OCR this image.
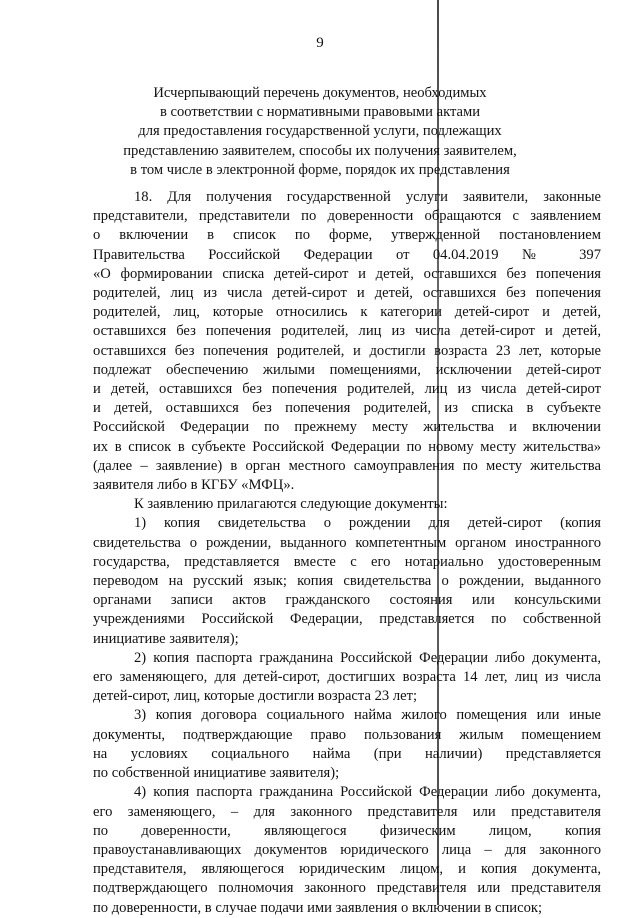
9
Исчерпывающий перечень документов, необходимых
в соответствии с нормативными правовыми актами
для предоставления государственной услуги, подлежащих
представлению заявителем, способы их получения заявителем,
в том числе в электронной форме, порядок их представления

18. Для получения государственной услуги заявители, законные
представители, представители по доверенности обращаются с заявлением
о включении в список по форме, утвержденной постановлением
Правительства Российской Федерации от 04.04.2019 № 397
«О формировании списка детей-сирот и детей, оставшихся без попечения
родителей, лиц из числа детей-сирот и детей, оставшихся без попечения
родителей, лиц, которые относились к категории детей-сирот и детей,
оставшихся без попечения родителей, лиц из числа детей-сирот и детей,
оставшихся без попечения родителей, и достигли возраста 23 лет, которые
подлежат обеспечению жилыми помещениями, исключении детей-сирот
и детей, оставшихся без попечения родителей, лиц из числа детей-сирот
и детей, оставшихся без попечения родителей, из списка в субъекте
Российской Федерации по прежнему месту жительства и включении
их в список в субъекте Российской Федерации по новому месту жительства»
(далее – заявление) в орган местного самоуправления по месту жительства
заявителя либо в КГБУ «МФЦ».

К заявлению прилагаются следующие документы:

1) копия свидетельства о рождении для детей-сирот (копия
свидетельства о рождении, выданного компетентным органом иностранного
государства, представляется вместе с его нотариально удостоверенным
переводом на русский язык; копия свидетельства о рождении, выданного
органами записи актов гражданского состояния или консульскими
учреждениями Российской Федерации, представляется по собственной
инициативе заявителя);

2) копия паспорта гражданина Российской Федерации либо документа,
его заменяющего, для детей-сирот, достигших возраста 14 лет, лиц из числа
детей-сирот, лиц, которые достигли возраста 23 лет;

3) копия договора социального найма жилого помещения или иные
документы, подтверждающие право пользования жилым помещением
на условиях социального найма (при наличии) представляется
по собственной инициативе заявителя);

4) копия паспорта гражданина Российской Федерации либо документа,
его заменяющего, – для законного представителя или представителя
по доверенности, являющегося физическим лицом, копия
правоустанавливающих документов юридического лица – для законного
представителя, являющегося юридическим лицом, и копия документа,
подтверждающего полномочия законного представителя или представителя
по доверенности, в случае подачи ими заявления о включении в список;
